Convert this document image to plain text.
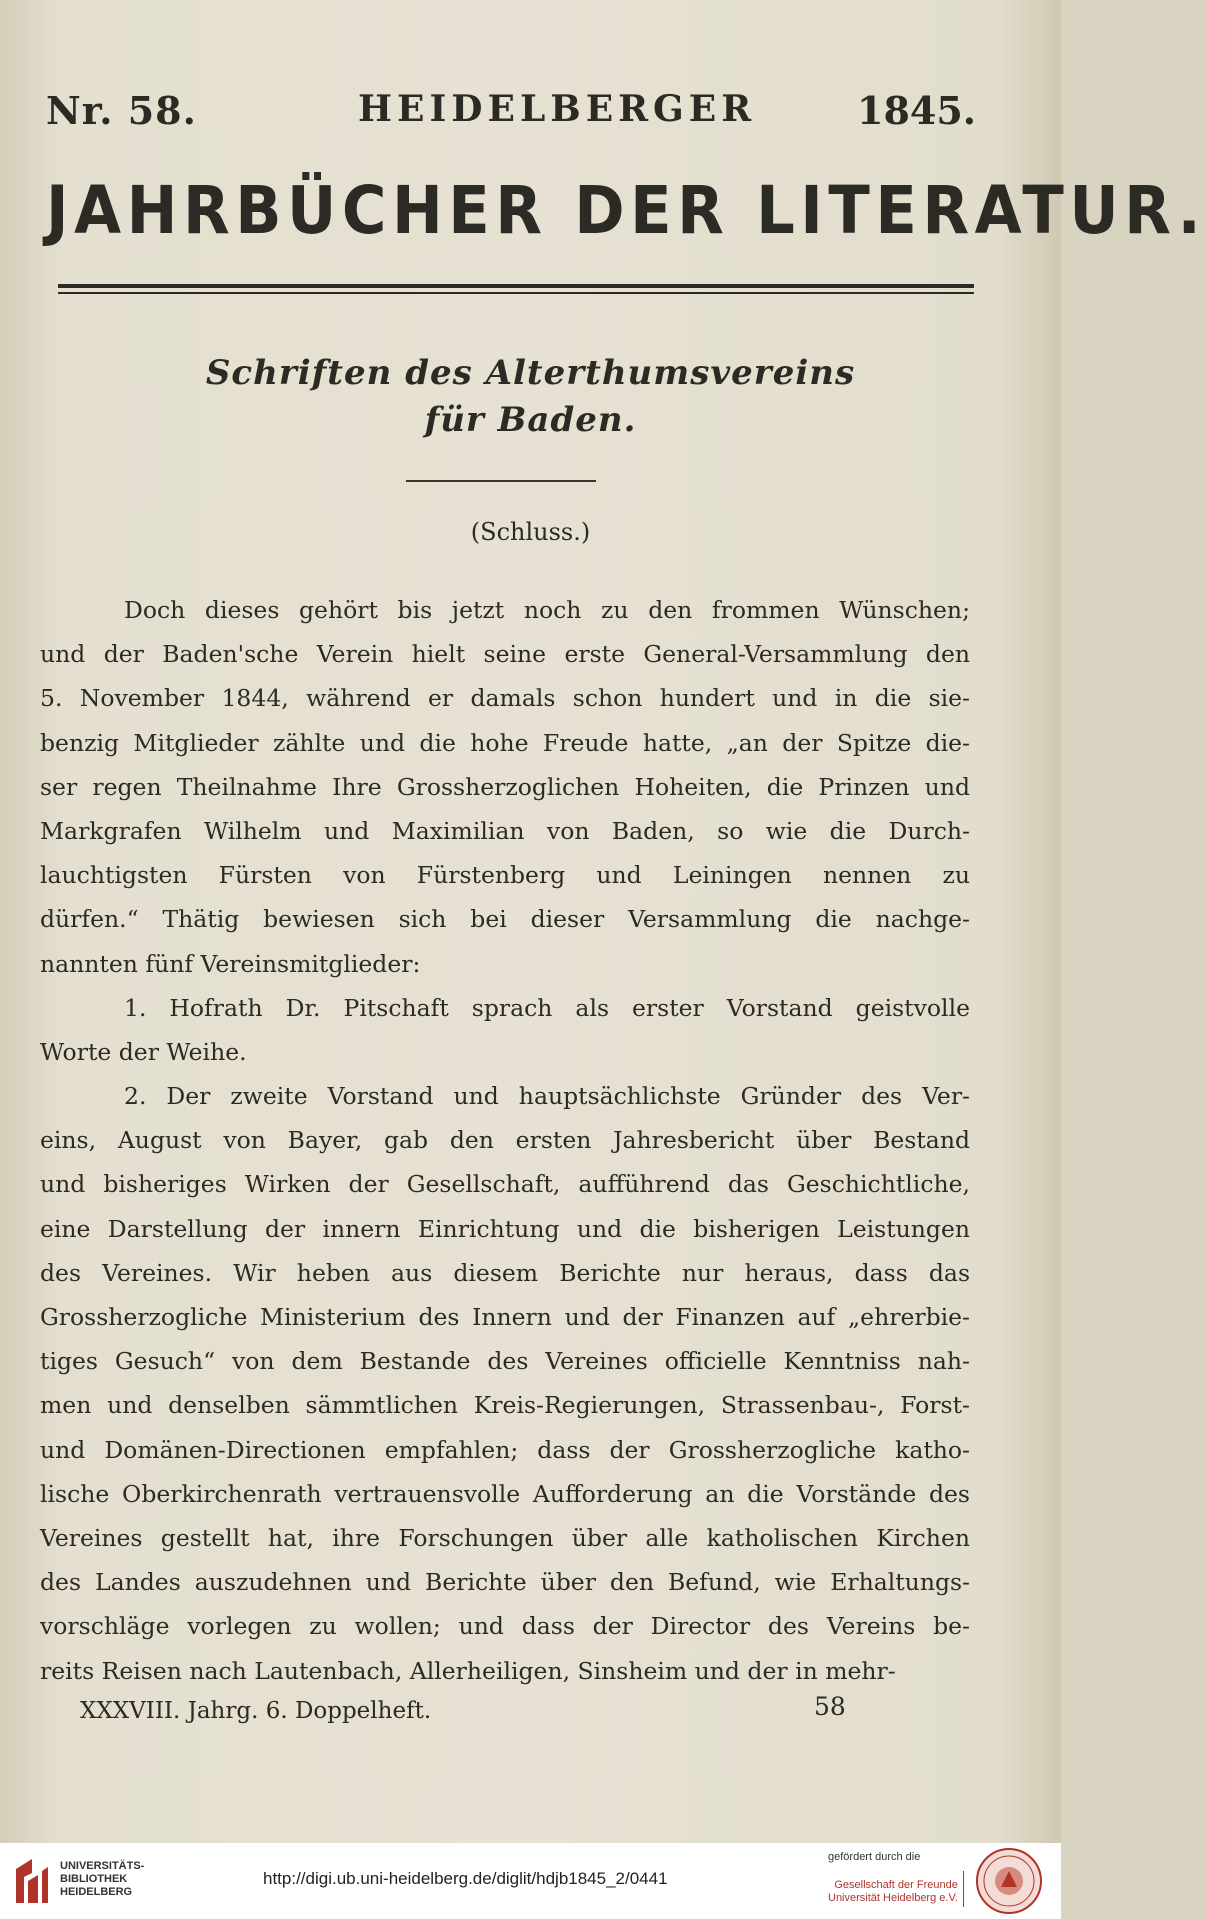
Nr. 58.	HEIDELBERGER	1845.
JAHRBÜCHER DER LITERATUR.
Schriften des Alterthumsvereins
für Baden.
(Schluss.)
Doch dieses gehört bis jetzt noch zu den frommen Wünschen;
und der Baden'sche Verein hielt seine erste General-Versammlung den
5. November 1844, während er damals schon hundert und in die sie-
benzig Mitglieder zählte und die hohe Freude hatte, „an der Spitze die-
ser regen Theilnahme Ihre Grossherzoglichen Hoheiten, die Prinzen und
Markgrafen Wilhelm und Maximilian von Baden, so wie die Durch-
lauchtigsten Fürsten von Fürstenberg und Leiningen nennen zu
dürfen.“ Thätig bewiesen sich bei dieser Versammlung die nachge-
nannten fünf Vereinsmitglieder:
1. Hofrath Dr. Pitschaft sprach als erster Vorstand geistvolle
Worte der Weihe.
2. Der zweite Vorstand und hauptsächlichste Gründer des Ver-
eins, August von Bayer, gab den ersten Jahresbericht über Bestand
und bisheriges Wirken der Gesellschaft, aufführend das Geschichtliche,
eine Darstellung der innern Einrichtung und die bisherigen Leistungen
des Vereines. Wir heben aus diesem Berichte nur heraus, dass das
Grossherzogliche Ministerium des Innern und der Finanzen auf „ehrerbie-
tiges Gesuch“ von dem Bestande des Vereines officielle Kenntniss nah-
men und denselben sämmtlichen Kreis-Regierungen, Strassenbau-, Forst-
und Domänen-Directionen empfahlen; dass der Grossherzogliche katho-
lische Oberkirchenrath vertrauensvolle Aufforderung an die Vorstände des
Vereines gestellt hat, ihre Forschungen über alle katholischen Kirchen
des Landes auszudehnen und Berichte über den Befund, wie Erhaltungs-
vorschläge vorlegen zu wollen; und dass der Director des Vereins be-
reits Reisen nach Lautenbach, Allerheiligen, Sinsheim und der in mehr-
XXXVIII. Jahrg. 6. Doppelheft.	58
UNIVERSITÄTS-
BIBLIOTHEK
HEIDELBERG
http://digi.ub.uni-heidelberg.de/diglit/hdjb1845_2/0441
gefördert durch die
Gesellschaft der Freunde
Universität Heidelberg e.V.
